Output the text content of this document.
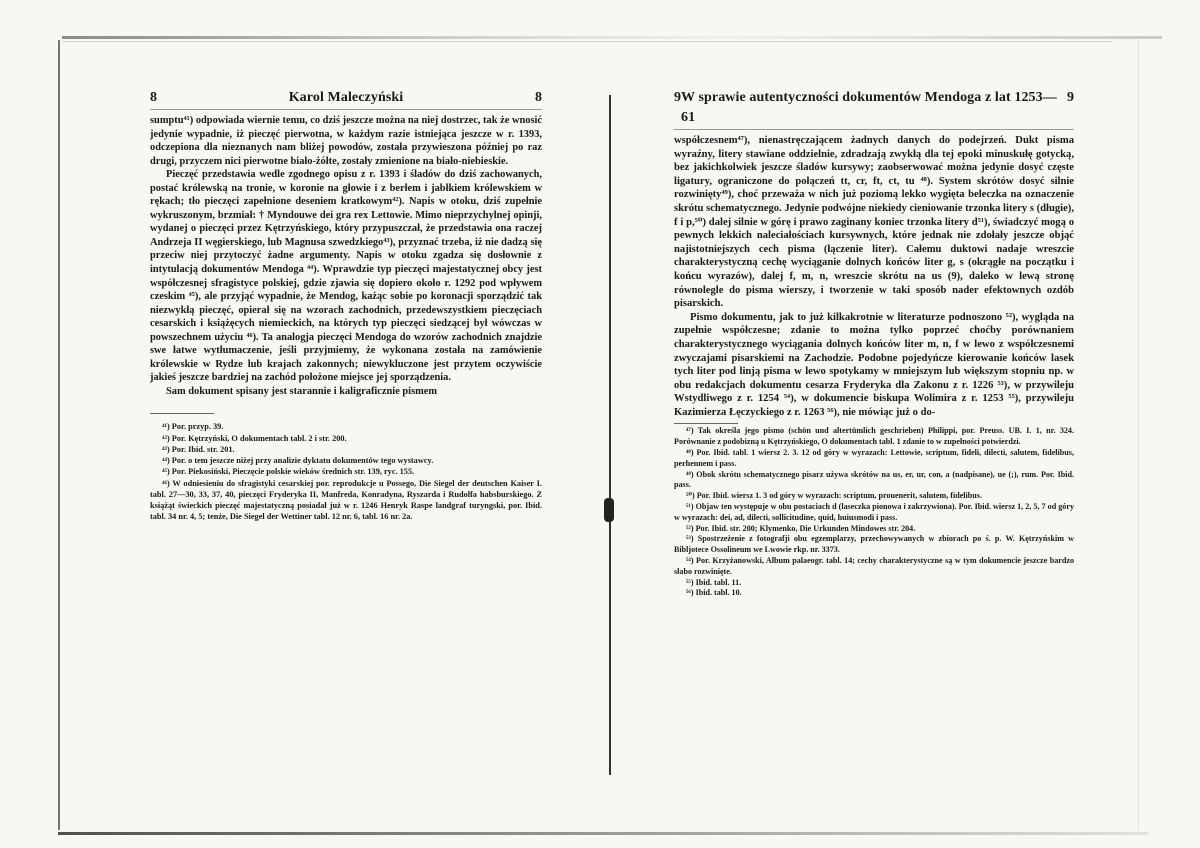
8	Karol Maleczyński	8

sumptu⁴¹) odpowiada wiernie temu, co dziś jeszcze można na niej dostrzec, tak że wnosić jedynie wypadnie, iż pieczęć pierwotna, w każdym razie istniejąca jeszcze w r. 1393, odczepiona dla nieznanych nam bliżej powodów, została przywieszona później po raz drugi, przyczem nici pierwotne biało-żółte, zostały zmienione na biało-niebieskie.

Pieczęć przedstawia wedle zgodnego opisu z r. 1393 i śladów do dziś zachowanych, postać królewską na tronie, w koronie na głowie i z berłem i jabłkiem królewskiem w rękach; tło pieczęci zapełnione deseniem kratkowym⁴²). Napis w otoku, dziś zupełnie wykruszonym, brzmiał: † Myndouwe dei gra rex Lettowie. Mimo nieprzychylnej opinji, wydanej o pieczęci przez Kętrzyńskiego, który przypuszczał, że przedstawia ona raczej Andrzeja II węgierskiego, lub Magnusa szwedzkiego⁴³), przyznać trzeba, iż nie dadzą się przeciw niej przytoczyć żadne argumenty. Napis w otoku zgadza się dosłownie z intytulacją dokumentów Mendoga ⁴⁴). Wprawdzie typ pieczęci majestatycznej obcy jest współczesnej sfragistyce polskiej, gdzie zjawia się dopiero około r. 1292 pod wpływem czeskim ⁴⁵), ale przyjąć wypadnie, że Mendog, każąc sobie po koronacji sporządzić tak niezwykłą pieczęć, opierał się na wzorach zachodnich, przedewszystkiem pieczęciach cesarskich i książęcych niemieckich, na których typ pieczęci siedzącej był wówczas w powszechnem użyciu ⁴⁶). Ta analogja pieczęci Mendoga do wzorów zachodnich znajdzie swe łatwe wytłumaczenie, jeśli przyjmiemy, że wykonana została na zamówienie królewskie w Rydze lub krajach zakonnych; niewykluczone jest przytem oczywiście jakieś jeszcze bardziej na zachód położone miejsce jej sporządzenia.

Sam dokument spisany jest starannie i kaligraficznie pismem

⁴¹) Por. przyp. 39.

⁴²) Por. Kętrzyński, O dokumentach tabl. 2 i str. 200.

⁴³) Por. Ibid. str. 201.

⁴⁴) Por. o tem jeszcze niżej przy analizie dyktatu dokumentów tego wystawcy.

⁴⁵) Por. Piekosiński, Pieczęcie polskie wieków średnich str. 139, ryc. 155.

⁴⁶) W odniesieniu do sfragistyki cesarskiej por. reprodukcje u Possego, Die Siegel der deutschen Kaiser I. tabl. 27—30, 33, 37, 40, pieczęci Fryderyka II, Manfreda, Konradyna, Ryszarda i Rudolfa habsburskiego. Z książąt świeckich pieczęć majestatyczną posiadał już w r. 1246 Henryk Raspe landgraf turyngski, por. Ibid. tabl. 34 nr. 4, 5; tenże, Die Siegel der Wettiner tabl. 12 nr. 6, tabl. 16 nr. 2a.

9 W sprawie autentyczności dokumentów Mendoga z lat 1253—61
9

współczesnem⁴⁷), nienastręczającem żadnych danych do podejrzeń. Dukt pisma wyraźny, litery stawiane oddzielnie, zdradzają zwykłą dla tej epoki minuskułę gotycką, bez jakichkolwiek jeszcze śladów kursywy; zaobserwować można jedynie dosyć częste ligatury, ograniczone do połączeń tt, cr, ft, ct, tu ⁴⁸). System skrótów dosyć silnie rozwinięty⁴⁹), choć przeważa w nich już poziomą lekko wygięta beleczka na oznaczenie skrótu schematycznego. Jedynie podwójne niekiedy cieniowanie trzonka litery s (długie), f i p,⁵⁰) dalej silnie w górę i prawo zaginany koniec trzonka litery d⁵¹), świadczyć mogą o pewnych lekkich naleciałościach kursywnych, które jednak nie zdołały jeszcze objąć najistotniejszych cech pisma (łączenie liter). Całemu duktowi nadaje wreszcie charakterystyczną cechę wyciąganie dolnych końców liter g, s (okrągłe na początku i końcu wyrazów), dalej f, m, n, wreszcie skrótu na us (9), daleko w lewą stronę równolegle do pisma wierszy, i tworzenie w taki sposób nader efektownych ozdób pisarskich.

Pismo dokumentu, jak to już kilkakrotnie w literaturze podnoszono ⁵²), wygląda na zupełnie współczesne; zdanie to można tylko poprzeć choćby porównaniem charakterystycznego wyciągania dolnych końców liter m, n, f w lewo z współczesnemi zwyczajami pisarskiemi na Zachodzie. Podobne pojedyńcze kierowanie końców lasek tych liter pod linją pisma w lewo spotykamy w mniejszym lub większym stopniu np. w obu redakcjach dokumentu cesarza Fryderyka dla Zakonu z r. 1226 ⁵³), w przywileju Wstydliwego z r. 1254 ⁵⁴), w dokumencie biskupa Wolimira z r. 1253 ⁵⁵), przywileju Kazimierza Łęczyckiego z r. 1263 ⁵⁶), nie mówiąc już o do-

⁴⁷) Tak określa jego pismo (schön und altertümlich geschrieben) Philippi, por. Preuss. UB. I. 1, nr. 324. Porównanie z podobizną u Kętrzyńskiego, O dokumentach tabl. 1 zdanie to w zupełności potwierdzi.

⁴⁸) Por. Ibid. tabl. 1 wiersz 2. 3. 12 od góry w wyrazach: Lettowie, scriptum, fideli, dilecti, salutem, fidelibus, perhennem i pass.

⁴⁹) Obok skrótu schematycznego pisarz używa skrótów na us, er, ur, con, a (nadpisane), ue (;), rum. Por. Ibid. pass.

⁵⁰) Por. Ibid. wiersz 1. 3 od góry w wyrazach: scriptum, prouenerit, salutem, fidelibus.

⁵¹) Objaw ten występuje w obu postaciach d (laseczka pionowa i zakrzywiona). Por. Ibid. wiersz 1, 2, 5, 7 od góry w wyrazach: dei, ad, dilecti, sollicitudine, quid, huiusmodi i pass.

⁵²) Por. Ibid. str. 200; Klymenko, Die Urkunden Mindowes str. 204.

⁵³) Spostrzeżenie z fotografji obu egzemplarzy, przechowywanych w zbiorach po ś. p. W. Kętrzyńskim w Bibljotece Ossolineum we Lwowie rkp. nr. 3373.

⁵⁴) Por. Krzyżanowski, Album palaeogr. tabl. 14; cechy charakterystyczne są w tym dokumencie jeszcze bardzo słabo rozwinięte.

⁵⁵) Ibid. tabl. 11.

⁵⁶) Ibid. tabl. 10.
